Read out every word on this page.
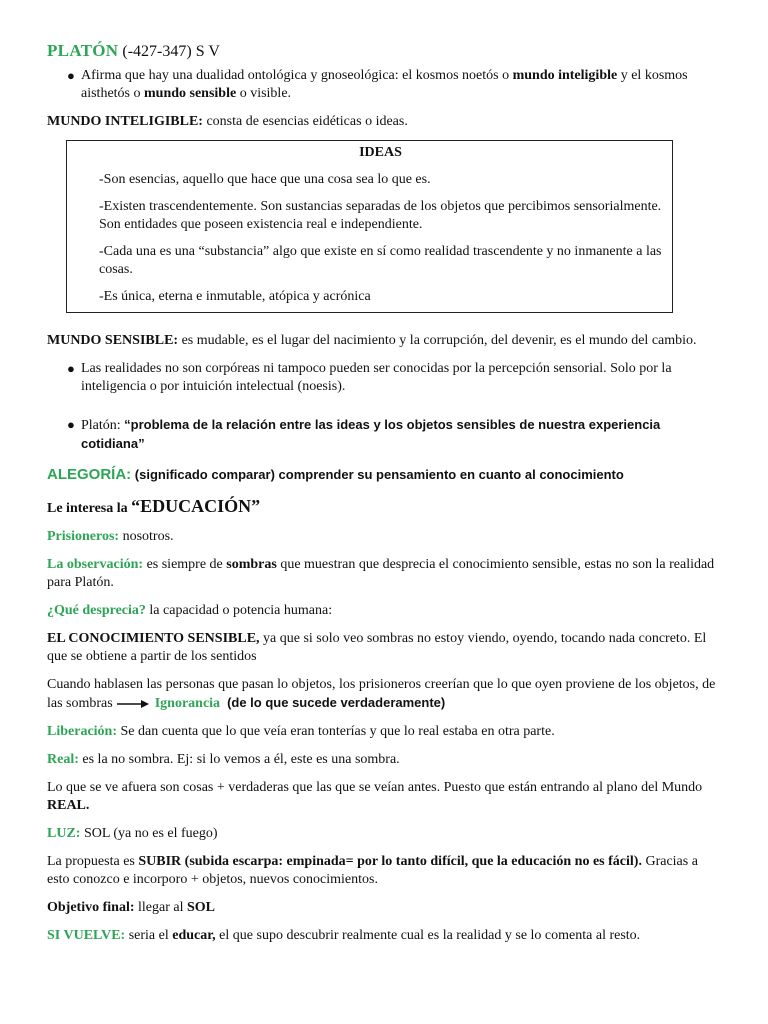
PLATÓN (-427-347) S V

● Afirma que hay una dualidad ontológica y gnoseológica: el kosmos noetós o mundo inteligible y el kosmos aisthetós o mundo sensible o visible.

MUNDO INTELIGIBLE: consta de esencias eidéticas o ideas.

IDEAS

-Son esencias, aquello que hace que una cosa sea lo que es.

-Existen trascendentemente. Son sustancias separadas de los objetos que percibimos sensorialmente. Son entidades que poseen existencia real e independiente.

-Cada una es una “substancia” algo que existe en sí como realidad trascendente y no inmanente a las cosas.

-Es única, eterna e inmutable, atópica y acrónica

MUNDO SENSIBLE: es mudable, es el lugar del nacimiento y la corrupción, del devenir, es el mundo del cambio.

● Las realidades no son corpóreas ni tampoco pueden ser conocidas por la percepción sensorial. Solo por la inteligencia o por intuición intelectual (noesis).
● Platón: “problema de la relación entre las ideas y los objetos sensibles de nuestra experiencia cotidiana”

ALEGORÍA: (significado comparar) comprender su pensamiento en cuanto al conocimiento

Le interesa la “EDUCACIÓN”

Prisioneros: nosotros.

La observación: es siempre de sombras que muestran que desprecia el conocimiento sensible, estas no son la realidad para Platón.

¿Qué desprecia? la capacidad o potencia humana:

EL CONOCIMIENTO SENSIBLE, ya que si solo veo sombras no estoy viendo, oyendo, tocando nada concreto. El que se obtiene a partir de los sentidos

Cuando hablasen las personas que pasan lo objetos, los prisioneros creerían que lo que oyen proviene de los objetos, de las sombras	Ignorancia (de lo que sucede verdaderamente)

Liberación: Se dan cuenta que lo que veía eran tonterías y que lo real estaba en otra parte.

Real: es la no sombra. Ej: si lo vemos a él, este es una sombra.

Lo que se ve afuera son cosas + verdaderas que las que se veían antes. Puesto que están entrando al plano del Mundo REAL.

LUZ: SOL (ya no es el fuego)

La propuesta es SUBIR (subida escarpa: empinada= por lo tanto difícil, que la educación no es fácil). Gracias a esto conozco e incorporo + objetos, nuevos conocimientos.

Objetivo final: llegar al SOL

SI VUELVE: seria el educar, el que supo descubrir realmente cual es la realidad y se lo comenta al resto.
